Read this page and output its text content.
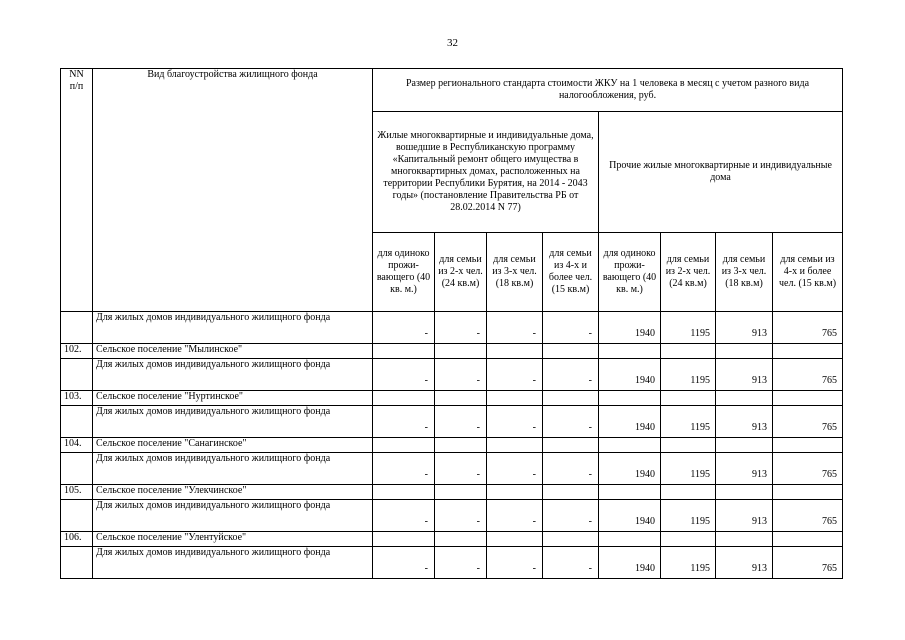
32
NN п/п	Вид благоустройства жилищного фонда	Размер регионального стандарта стоимости ЖКУ на 1 человека в месяц с учетом разного вида налогообложения, руб.							
		Жилые многоквартирные и индивидуальные дома, вошедшие в Республиканскую программу «Капитальный ремонт общего имущества в многоквартирных домах, расположенных на территории Республики Бурятия, на 2014 - 2043 годы» (постановление Правительства РБ от 28.02.2014 N 77)				Прочие жилые многоквартирные и индивидуальные дома			
		для одиноко прожи-вающего (40 кв. м.)	для семьи из 2-х чел. (24 кв.м)	для семьи из 3-х чел. (18 кв.м)	для семьи из 4-х и более чел. (15 кв.м)	для одиноко прожи-вающего (40 кв. м.)	для семьи из 2-х чел. (24 кв.м)	для семьи из 3-х чел. (18 кв.м)	для семьи из 4-х и более чел. (15 кв.м)
	Для жилых домов индивидуального жилищного фонда	-	-	-	-	1940	1195	913	765
102.	Сельское поселение "Мылинское"								
	Для жилых домов индивидуального жилищного фонда	-	-	-	-	1940	1195	913	765
103.	Сельское поселение "Нуртинское"								
	Для жилых домов индивидуального жилищного фонда	-	-	-	-	1940	1195	913	765
104.	Сельское поселение "Санагинское"								
	Для жилых домов индивидуального жилищного фонда	-	-	-	-	1940	1195	913	765
105.	Сельское поселение "Улекчинское"								
	Для жилых домов индивидуального жилищного фонда	-	-	-	-	1940	1195	913	765
106.	Сельское поселение "Улентуйское"								
	Для жилых домов индивидуального жилищного фонда	-	-	-	-	1940	1195	913	765
